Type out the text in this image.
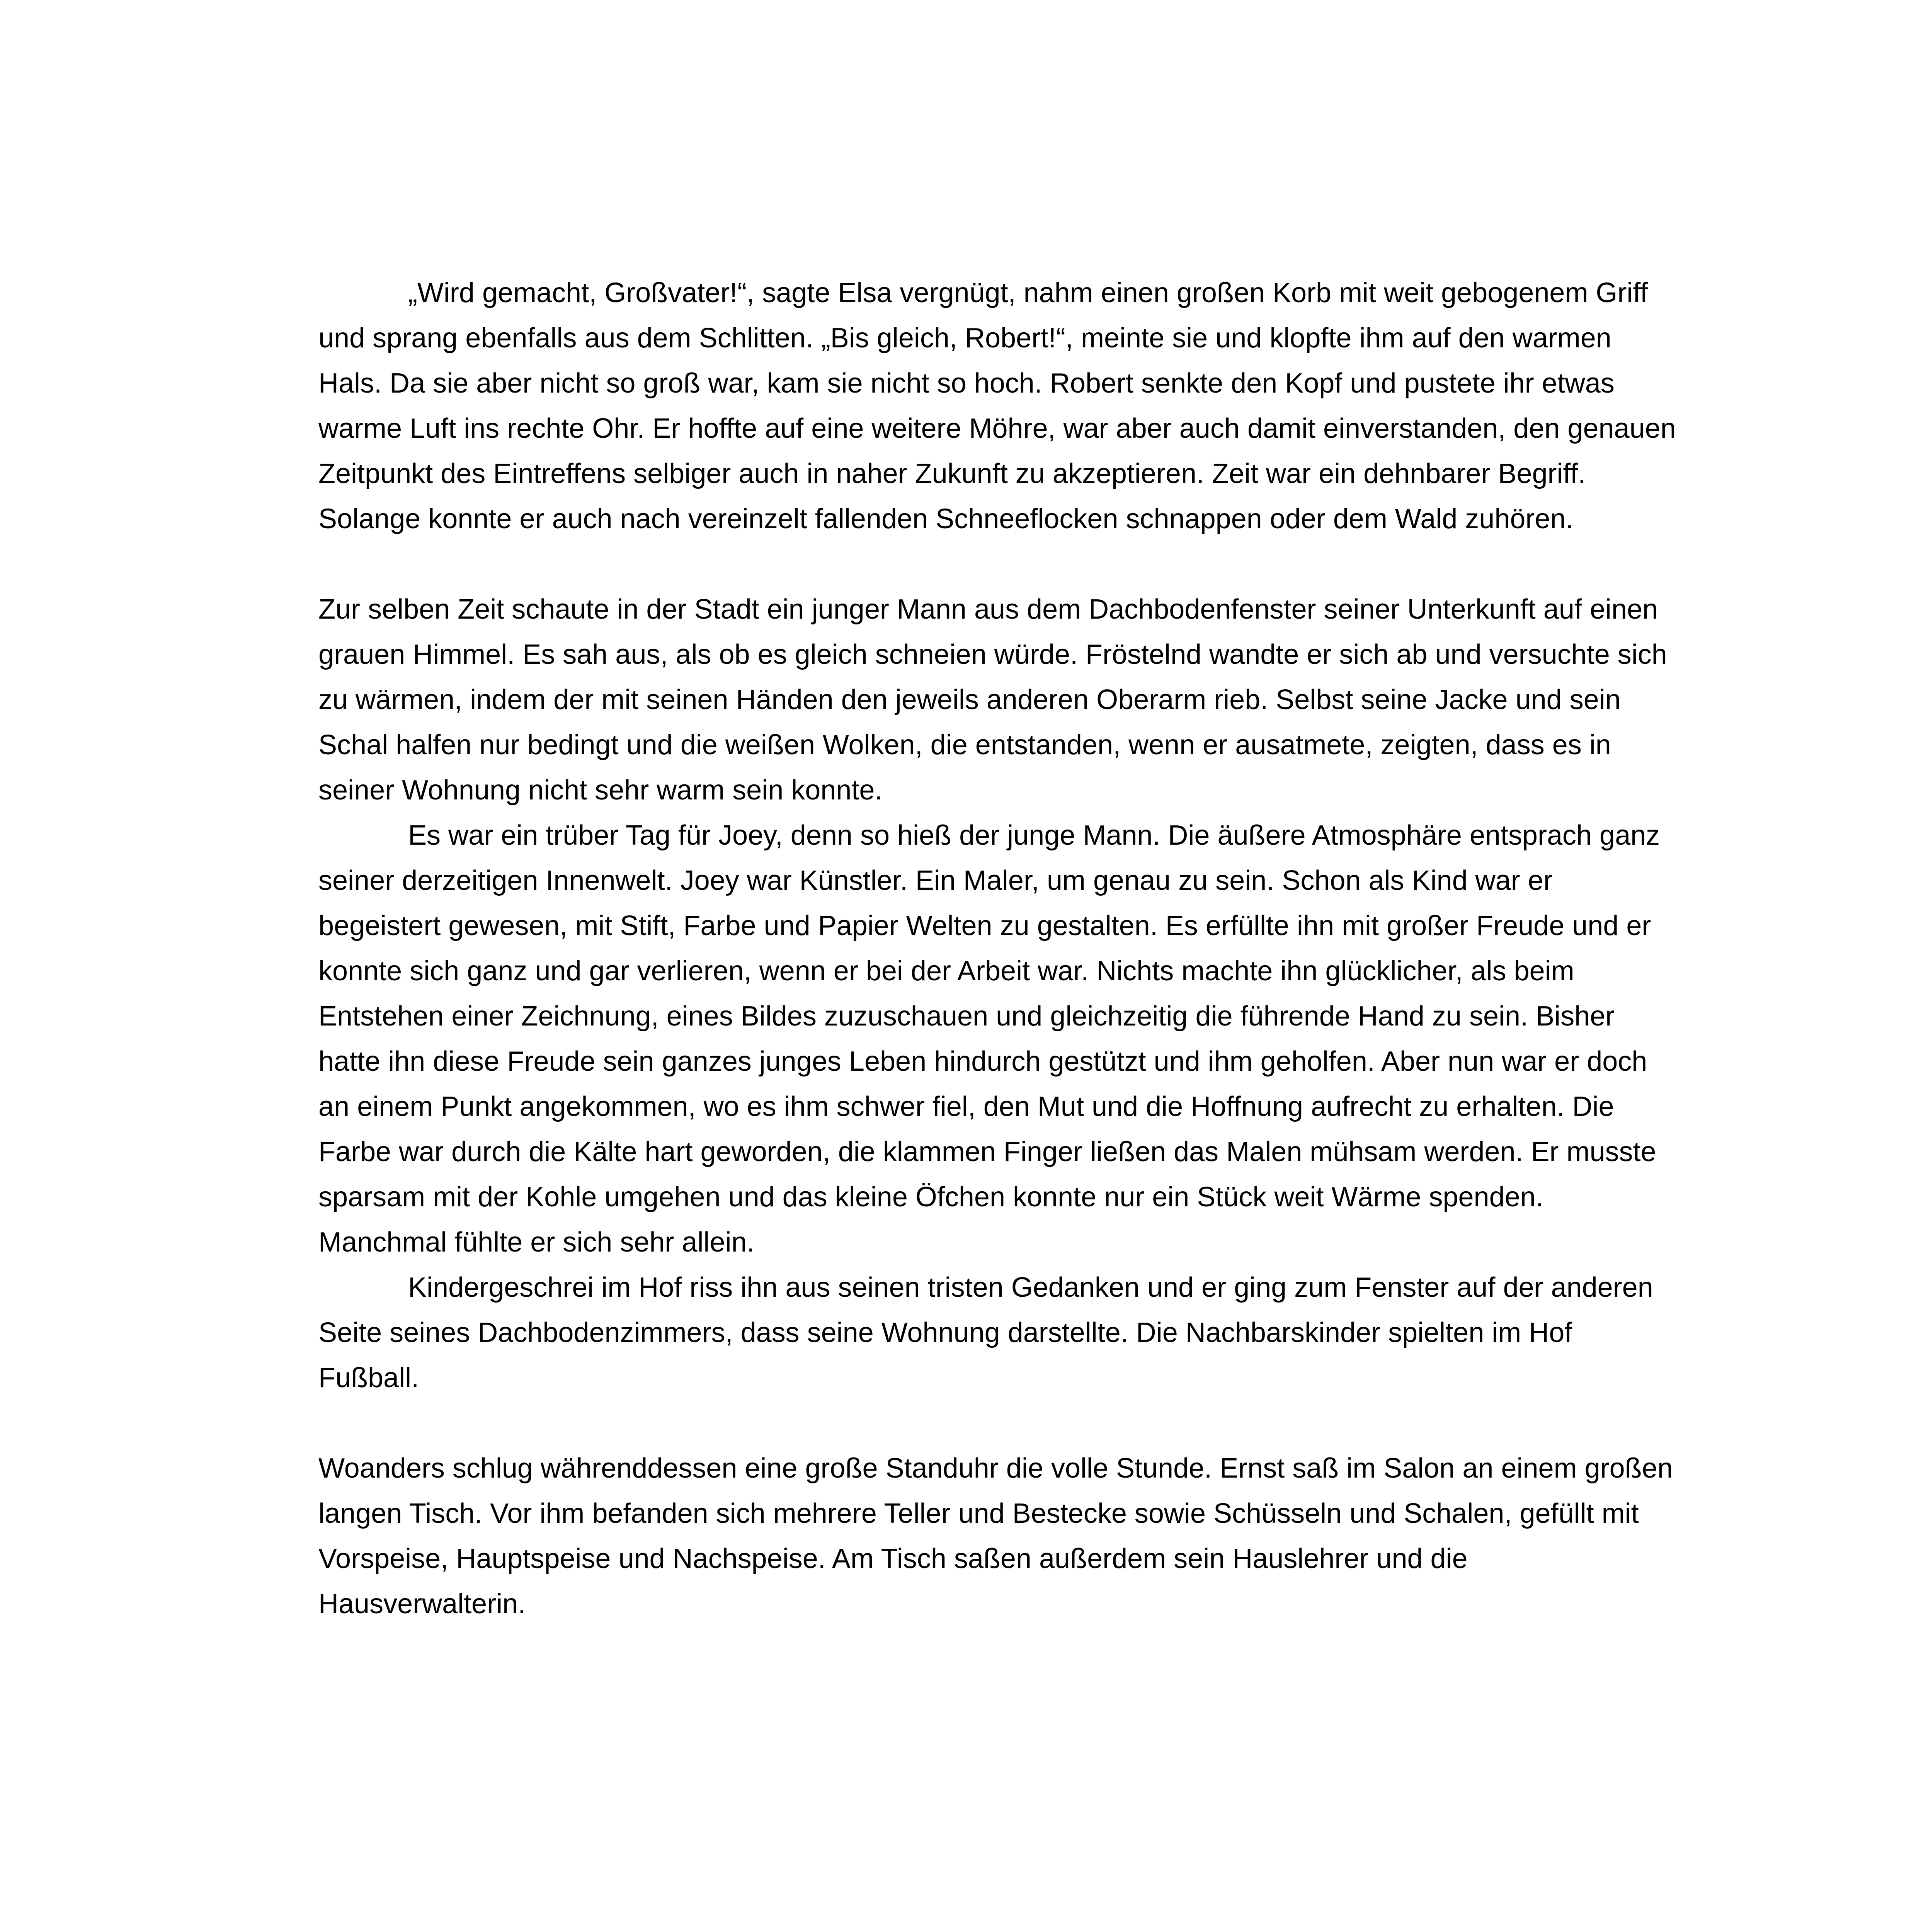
„Wird gemacht, Großvater!“, sagte Elsa vergnügt, nahm einen großen Korb mit weit gebogenem Griff und sprang ebenfalls aus dem Schlitten. „Bis gleich, Robert!“, meinte sie und klopfte ihm auf den warmen Hals. Da sie aber nicht so groß war, kam sie nicht so hoch. Robert senkte den Kopf und pustete ihr etwas warme Luft ins rechte Ohr. Er hoffte auf eine weitere Möhre, war aber auch damit einverstanden, den genauen Zeitpunkt des Eintreffens selbiger auch in naher Zukunft zu akzeptieren. Zeit war ein dehnbarer Begriff. Solange konnte er auch nach vereinzelt fallenden Schneeflocken schnappen oder dem Wald zuhören.

Zur selben Zeit schaute in der Stadt ein junger Mann aus dem Dachbodenfenster seiner Unterkunft auf einen grauen Himmel. Es sah aus, als ob es gleich schneien würde. Fröstelnd wandte er sich ab und versuchte sich zu wärmen, indem der mit seinen Händen den jeweils anderen Oberarm rieb. Selbst seine Jacke und sein Schal halfen nur bedingt und die weißen Wolken, die entstanden, wenn er ausatmete, zeigten, dass es in seiner Wohnung nicht sehr warm sein konnte.

Es war ein trüber Tag für Joey, denn so hieß der junge Mann. Die äußere Atmosphäre entsprach ganz seiner derzeitigen Innenwelt. Joey war Künstler. Ein Maler, um genau zu sein. Schon als Kind war er begeistert gewesen, mit Stift, Farbe und Papier Welten zu gestalten. Es erfüllte ihn mit großer Freude und er konnte sich ganz und gar verlieren, wenn er bei der Arbeit war. Nichts machte ihn glücklicher, als beim Entstehen einer Zeichnung, eines Bildes zuzuschauen und gleichzeitig die führende Hand zu sein. Bisher hatte ihn diese Freude sein ganzes junges Leben hindurch gestützt und ihm geholfen. Aber nun war er doch an einem Punkt angekommen, wo es ihm schwer fiel, den Mut und die Hoffnung aufrecht zu erhalten. Die Farbe war durch die Kälte hart geworden, die klammen Finger ließen das Malen mühsam werden. Er musste sparsam mit der Kohle umgehen und das kleine Öfchen konnte nur ein Stück weit Wärme spenden. Manchmal fühlte er sich sehr allein.

Kindergeschrei im Hof riss ihn aus seinen tristen Gedanken und er ging zum Fenster auf der anderen Seite seines Dachbodenzimmers, dass seine Wohnung darstellte. Die Nachbarskinder spielten im Hof Fußball.

Woanders schlug währenddessen eine große Standuhr die volle Stunde. Ernst saß im Salon an einem großen langen Tisch. Vor ihm befanden sich mehrere Teller und Bestecke sowie Schüsseln und Schalen, gefüllt mit Vorspeise, Hauptspeise und Nachspeise. Am Tisch saßen außerdem sein Hauslehrer und die Hausverwalterin.
